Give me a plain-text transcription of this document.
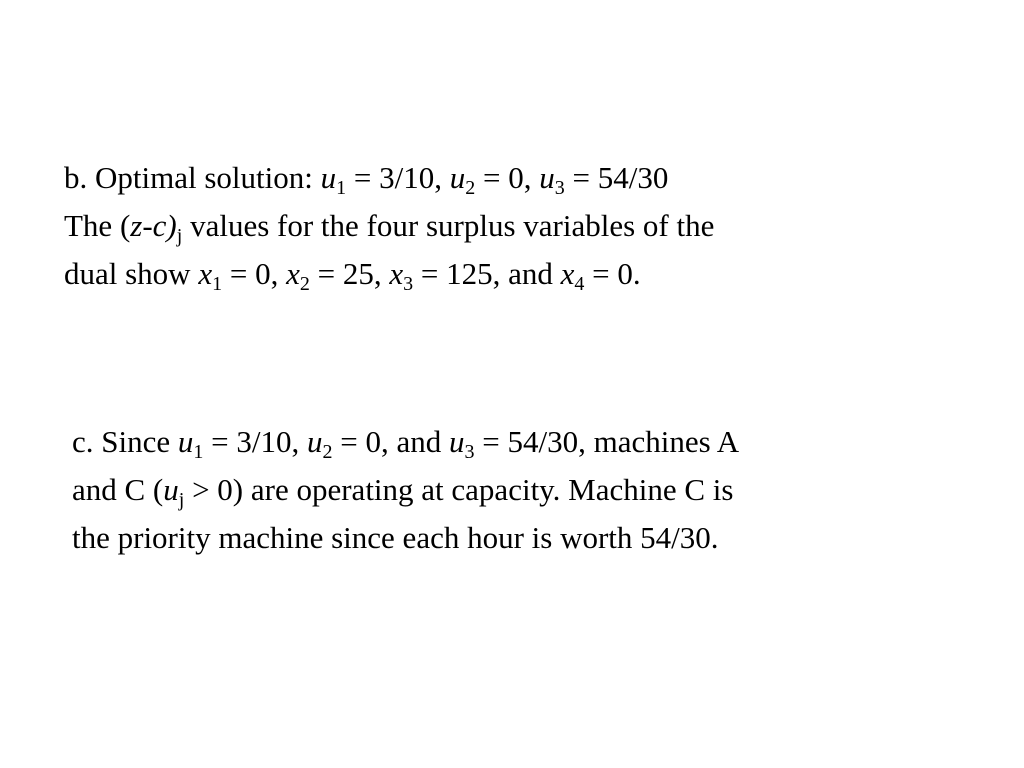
b. Optimal solution: $u_1 = 3/10$, $u_2 = 0$, $u_3 = 54/30$
The $(z-c)_j$ values for the four surplus variables of the
dual show $x_1 = 0$, $x_2 = 25$, $x_3 = 125$, and $x_4 = 0$.
c. Since $u_1 = 3/10$, $u_2 = 0$, and $u_3 = 54/30$, machines A
and C $(u_j > 0)$ are operating at capacity. Machine C is
the priority machine since each hour is worth 54/30.
